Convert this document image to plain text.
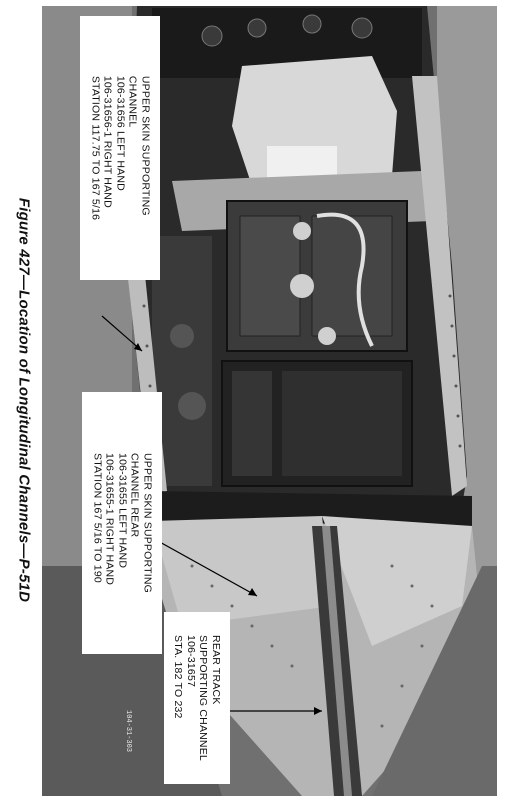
Figure 427—Location of Longitudinal Channels—P-51D
104-31-303
UPPER SKIN SUPPORTING
CHANNEL
106-31656 LEFT HAND
106-31656-1 RIGHT HAND
STATION 117.75 TO 167 5/16
UPPER SKIN SUPPORTING
CHANNEL REAR
106-31655 LEFT HAND
106-31655-1 RIGHT HAND
STATION 167 5/16 TO 190
REAR TRACK
SUPPORTING CHANNEL
106-31657
STA. 182 TO 232
